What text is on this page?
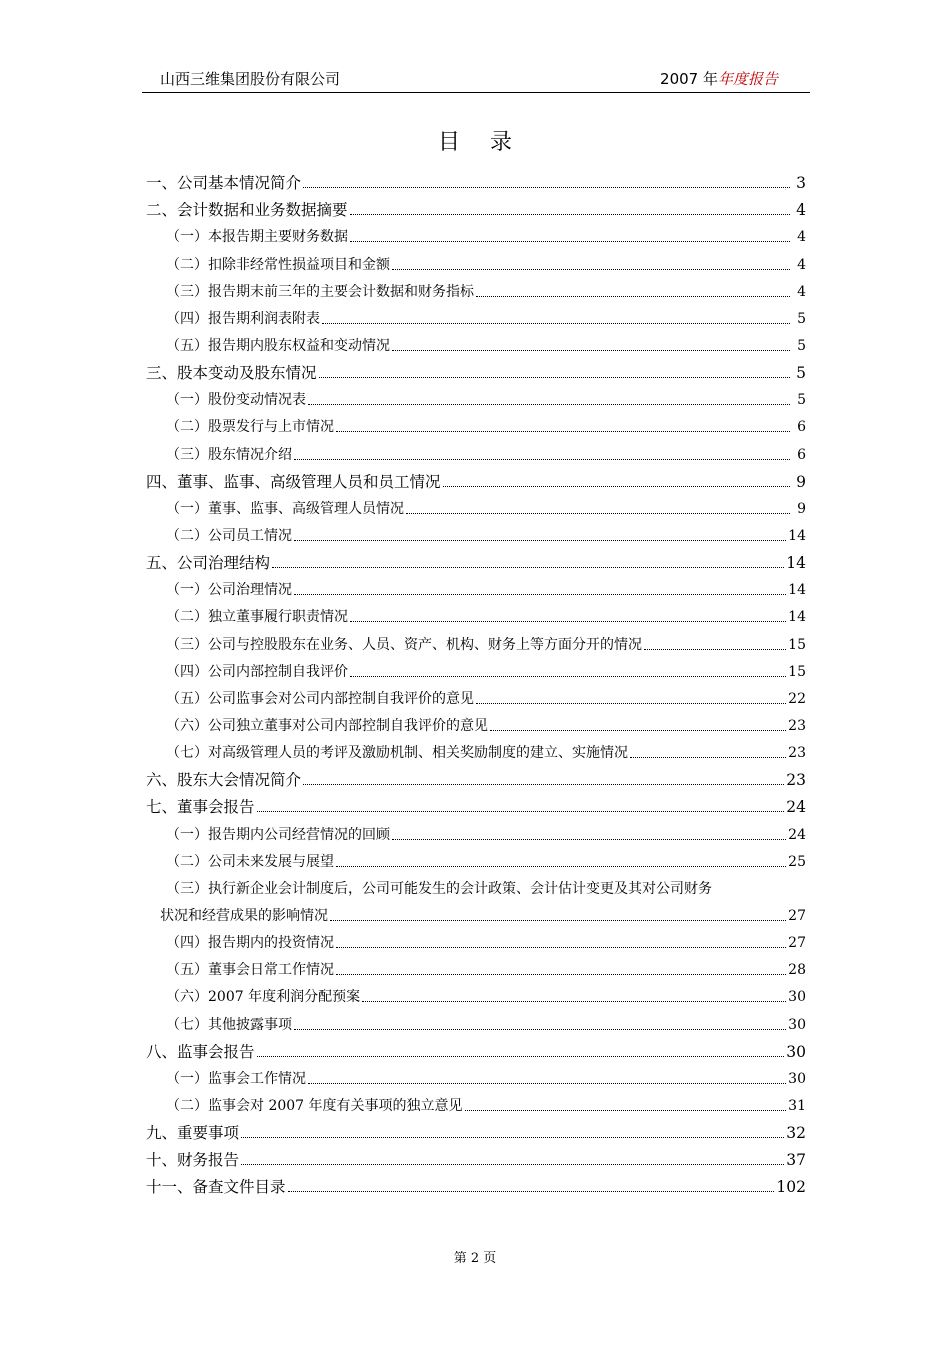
山西三维集团股份有限公司	2007 年年度报告
目录
一、公司基本情况简介	3
二、会计数据和业务数据摘要	4
（一）本报告期主要财务数据	4
（二）扣除非经常性损益项目和金额	4
（三）报告期末前三年的主要会计数据和财务指标	4
（四）报告期利润表附表	5
（五）报告期内股东权益和变动情况	5
三、股本变动及股东情况	5
（一）股份变动情况表	5
（二）股票发行与上市情况	6
（三）股东情况介绍	6
四、董事、监事、高级管理人员和员工情况	9
（一）董事、监事、高级管理人员情况	9
（二）公司员工情况	14
五、公司治理结构	14
（一）公司治理情况	14
（二）独立董事履行职责情况	14
（三）公司与控股股东在业务、人员、资产、机构、财务上等方面分开的情况	15
（四）公司内部控制自我评价	15
（五）公司监事会对公司内部控制自我评价的意见	22
（六）公司独立董事对公司内部控制自我评价的意见	23
（七）对高级管理人员的考评及激励机制、相关奖励制度的建立、实施情况	23
六、股东大会情况简介	23
七、董事会报告	24
（一）报告期内公司经营情况的回顾	24
（二）公司未来发展与展望	25
（三）执行新企业会计制度后，公司可能发生的会计政策、会计估计变更及其对公司财务
状况和经营成果的影响情况	27
（四）报告期内的投资情况	27
（五）董事会日常工作情况	28
（六）2007 年度利润分配预案	30
（七）其他披露事项	30
八、监事会报告	30
（一）监事会工作情况	30
（二）监事会对 2007 年度有关事项的独立意见	31
九、重要事项	32
十、财务报告	37
十一、备查文件目录	102
第 2 页
